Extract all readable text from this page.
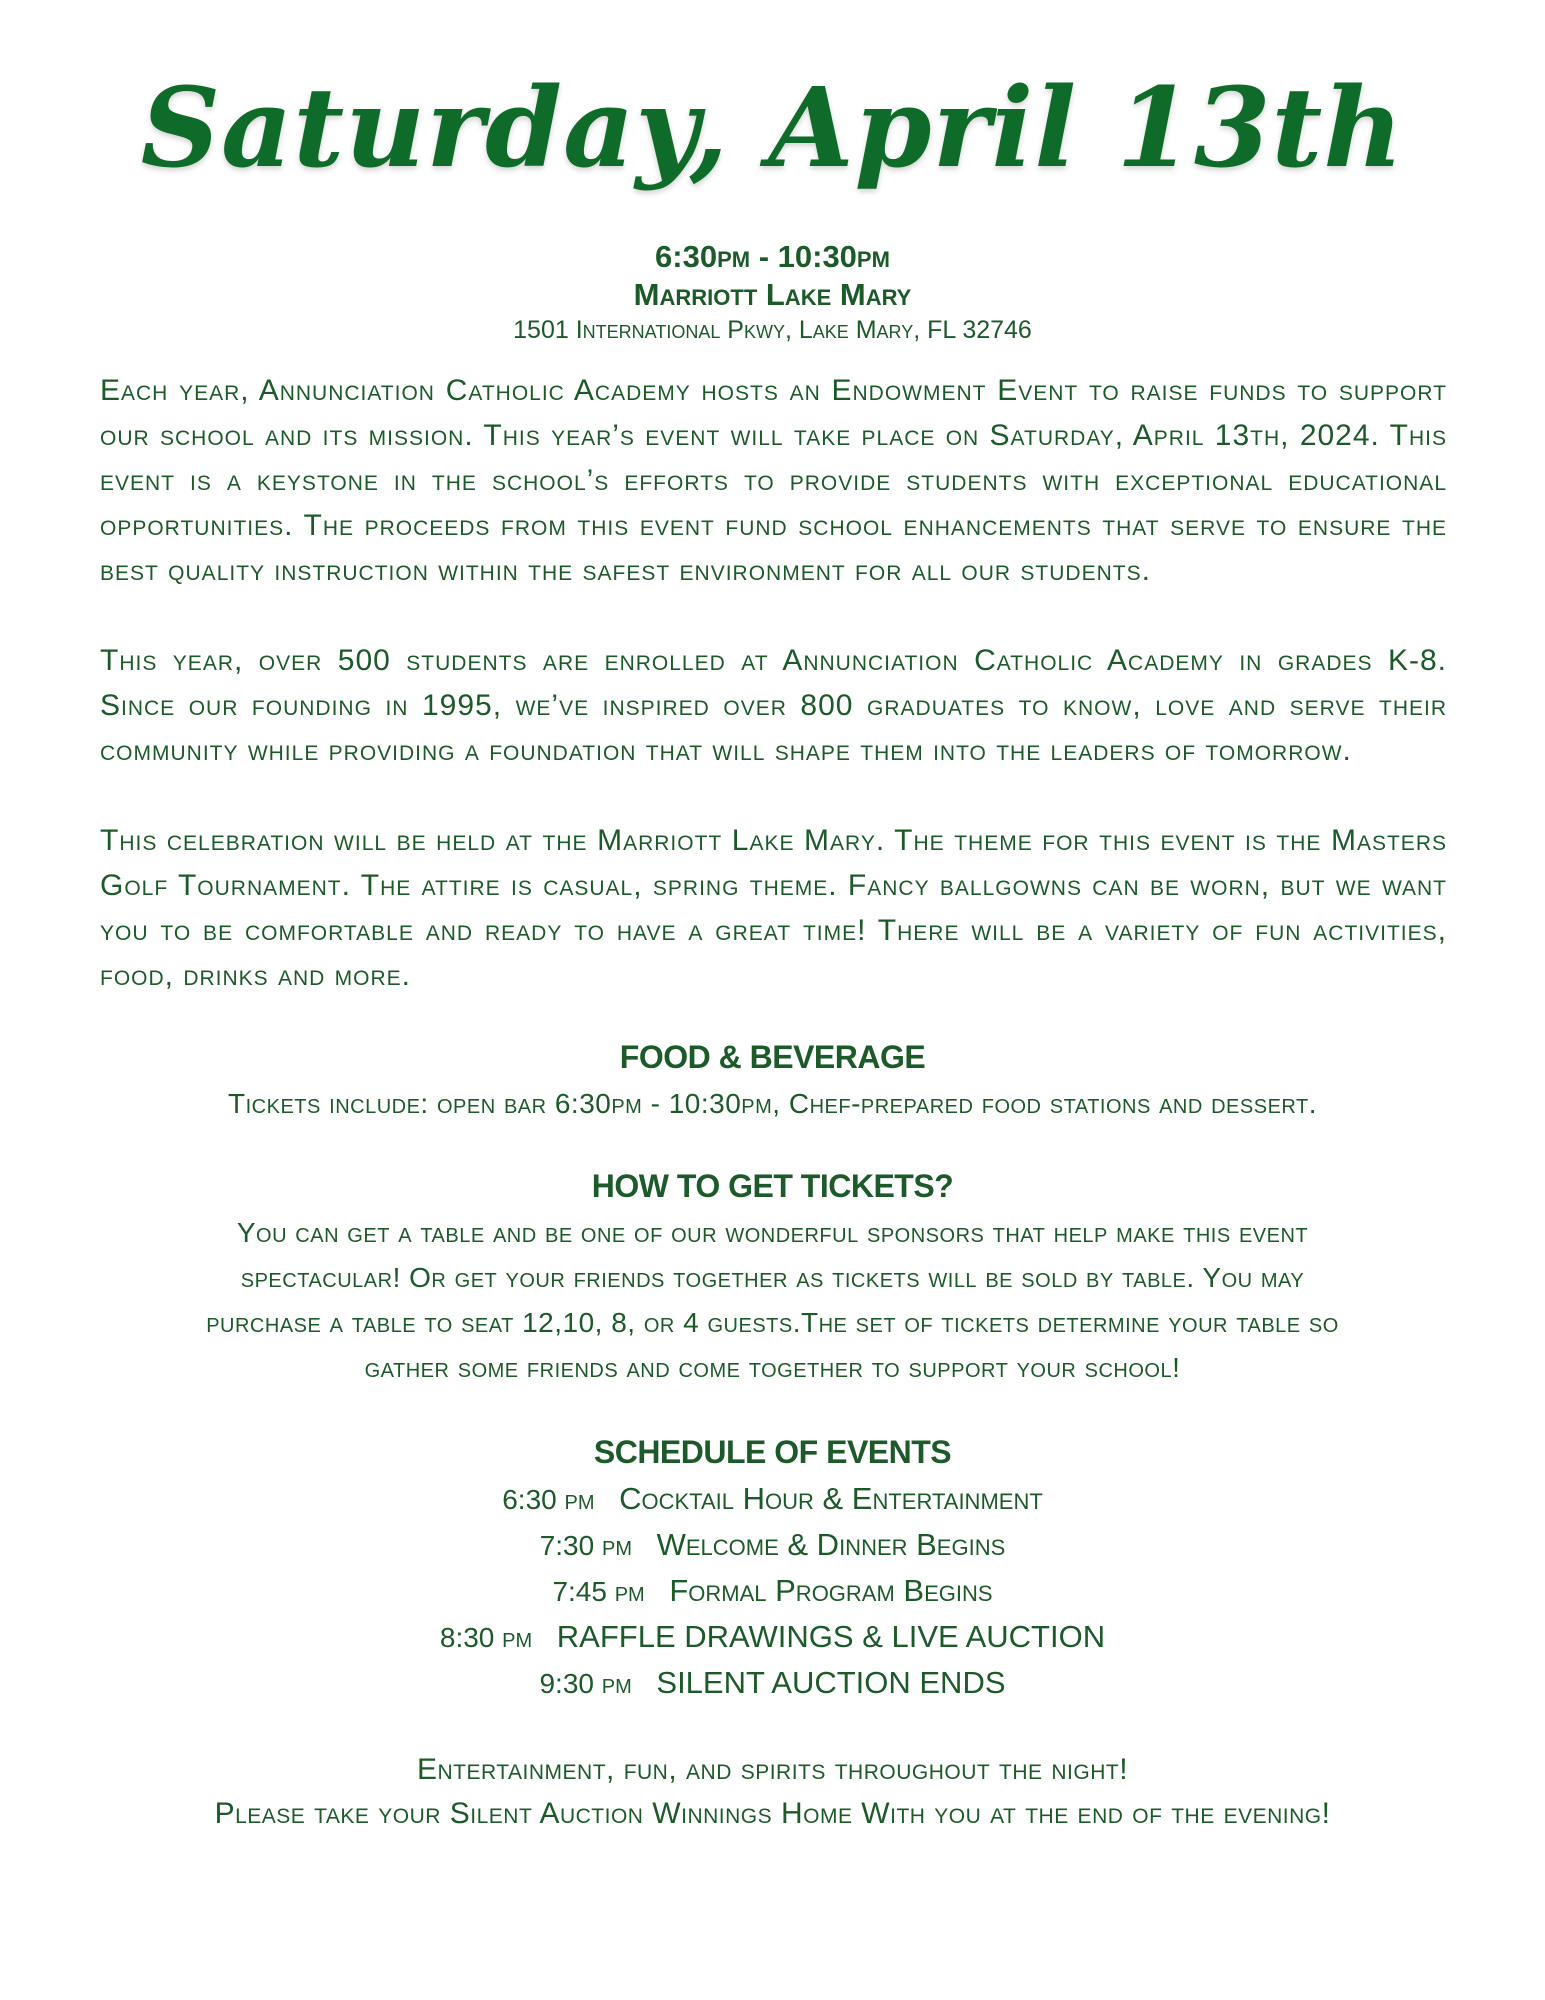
Saturday, April 13th
6:30pm - 10:30pm
Marriott Lake Mary
1501 International Pkwy, Lake Mary, FL 32746

Each year, Annunciation Catholic Academy hosts an Endowment Event to raise funds to support our school and its mission. This year’s event will take place on Saturday, April 13th, 2024. This event is a keystone in the school’s efforts to provide students with exceptional educational opportunities. The proceeds from this event fund school enhancements that serve to ensure the best quality instruction within the safest environment for all our students.

This year, over 500 students are enrolled at Annunciation Catholic Academy in grades K-8. Since our founding in 1995, we’ve inspired over 800 graduates to know, love and serve their community while providing a foundation that will shape them into the leaders of tomorrow.

This celebration will be held at the Marriott Lake Mary. The theme for this event is the Masters Golf Tournament. The attire is casual, spring theme. Fancy ballgowns can be worn, but we want you to be comfortable and ready to have a great time! There will be a variety of fun activities, food, drinks and more.

FOOD & BEVERAGE
Tickets include: open bar 6:30pm - 10:30pm, Chef-prepared food stations and dessert.
HOW TO GET TICKETS?
You can get a table and be one of our wonderful sponsors that help make this event
spectacular! Or get your friends together as tickets will be sold by table. You may
purchase a table to seat 12,10, 8, or 4 guests.The set of tickets determine your table so
gather some friends and come together to support your school!
SCHEDULE OF EVENTS
6:30 pm Cocktail Hour & Entertainment
7:30 pm Welcome & Dinner Begins
7:45 pm Formal Program Begins
8:30 pm RAFFLE DRAWINGS & LIVE AUCTION
9:30 pm SILENT AUCTION ENDS
Entertainment, fun, and spirits throughout the night!
Please take your Silent Auction Winnings Home With you at the end of the evening!
